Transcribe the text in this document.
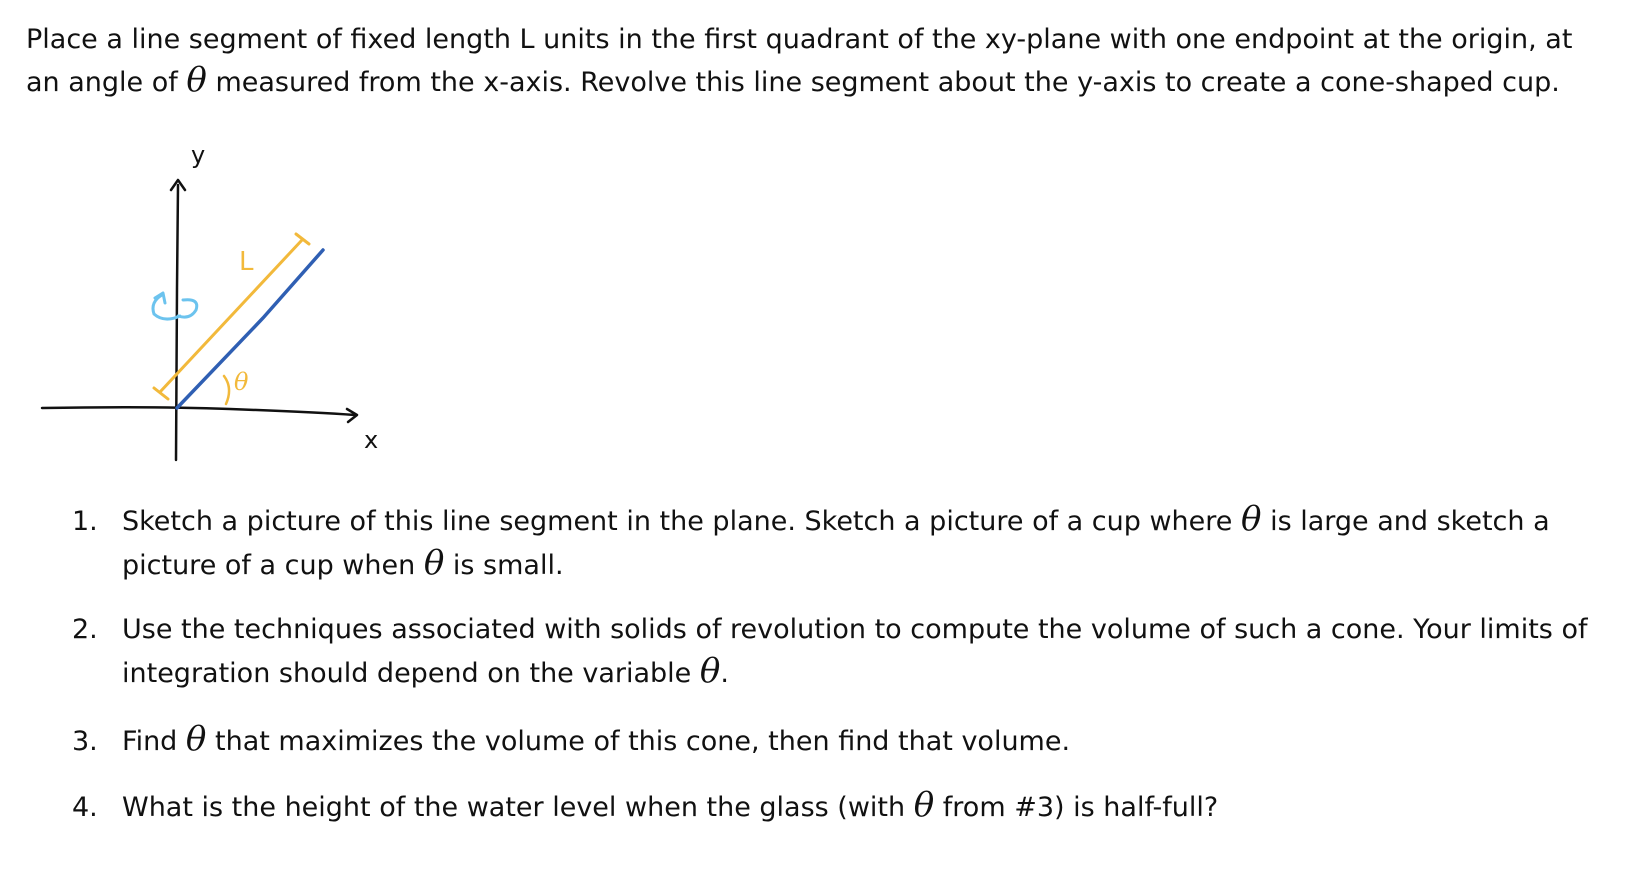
Place a line segment of fixed length L units in the first quadrant of the xy-plane with one endpoint at the origin, at an angle of θ measured from the x-axis. Revolve this line segment about the y-axis to create a cone-shaped cup.

y
x
L
θ
1. Sketch a picture of this line segment in the plane. Sketch a picture of a cup where θ is large and sketch a picture of a cup when θ is small.
2. Use the techniques associated with solids of revolution to compute the volume of such a cone. Your limits of integration should depend on the variable θ.
3. Find θ that maximizes the volume of this cone, then find that volume.
4. What is the height of the water level when the glass (with θ from #3) is half-full?
